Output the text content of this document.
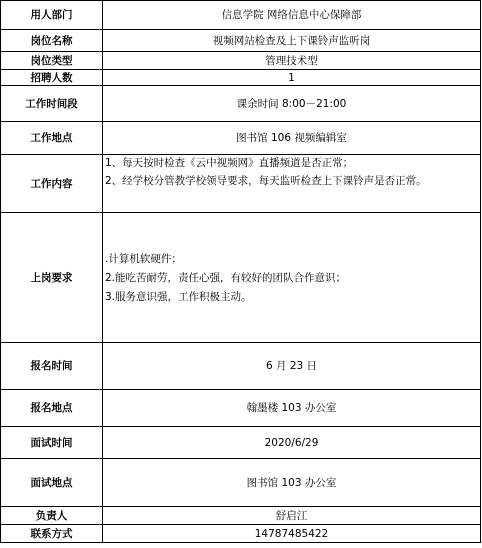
用人部门	信息学院 网络信息中心保障部
岗位名称	视频网站检查及上下课铃声监听岗
岗位类型	管理技术型
招聘人数	1
工作时间段	课余时间 8:00－21:00
工作地点	图书馆 106 视频编辑室
工作内容	1、每天按时检查《云中视频网》直播频道是否正常；
2、经学校分管教学校领导要求，每天监听检查上下课铃声是否正常。

上岗要求	.计算机软硬件；
2.能吃苦耐劳，责任心强，有较好的团队合作意识；
3.服务意识强，工作积极主动。

报名时间	6 月 23 日
报名地点	翰墨楼 103 办公室
面试时间	2020/6/29
面试地点	图书馆 103 办公室
负责人	舒启江
联系方式	14787485422
